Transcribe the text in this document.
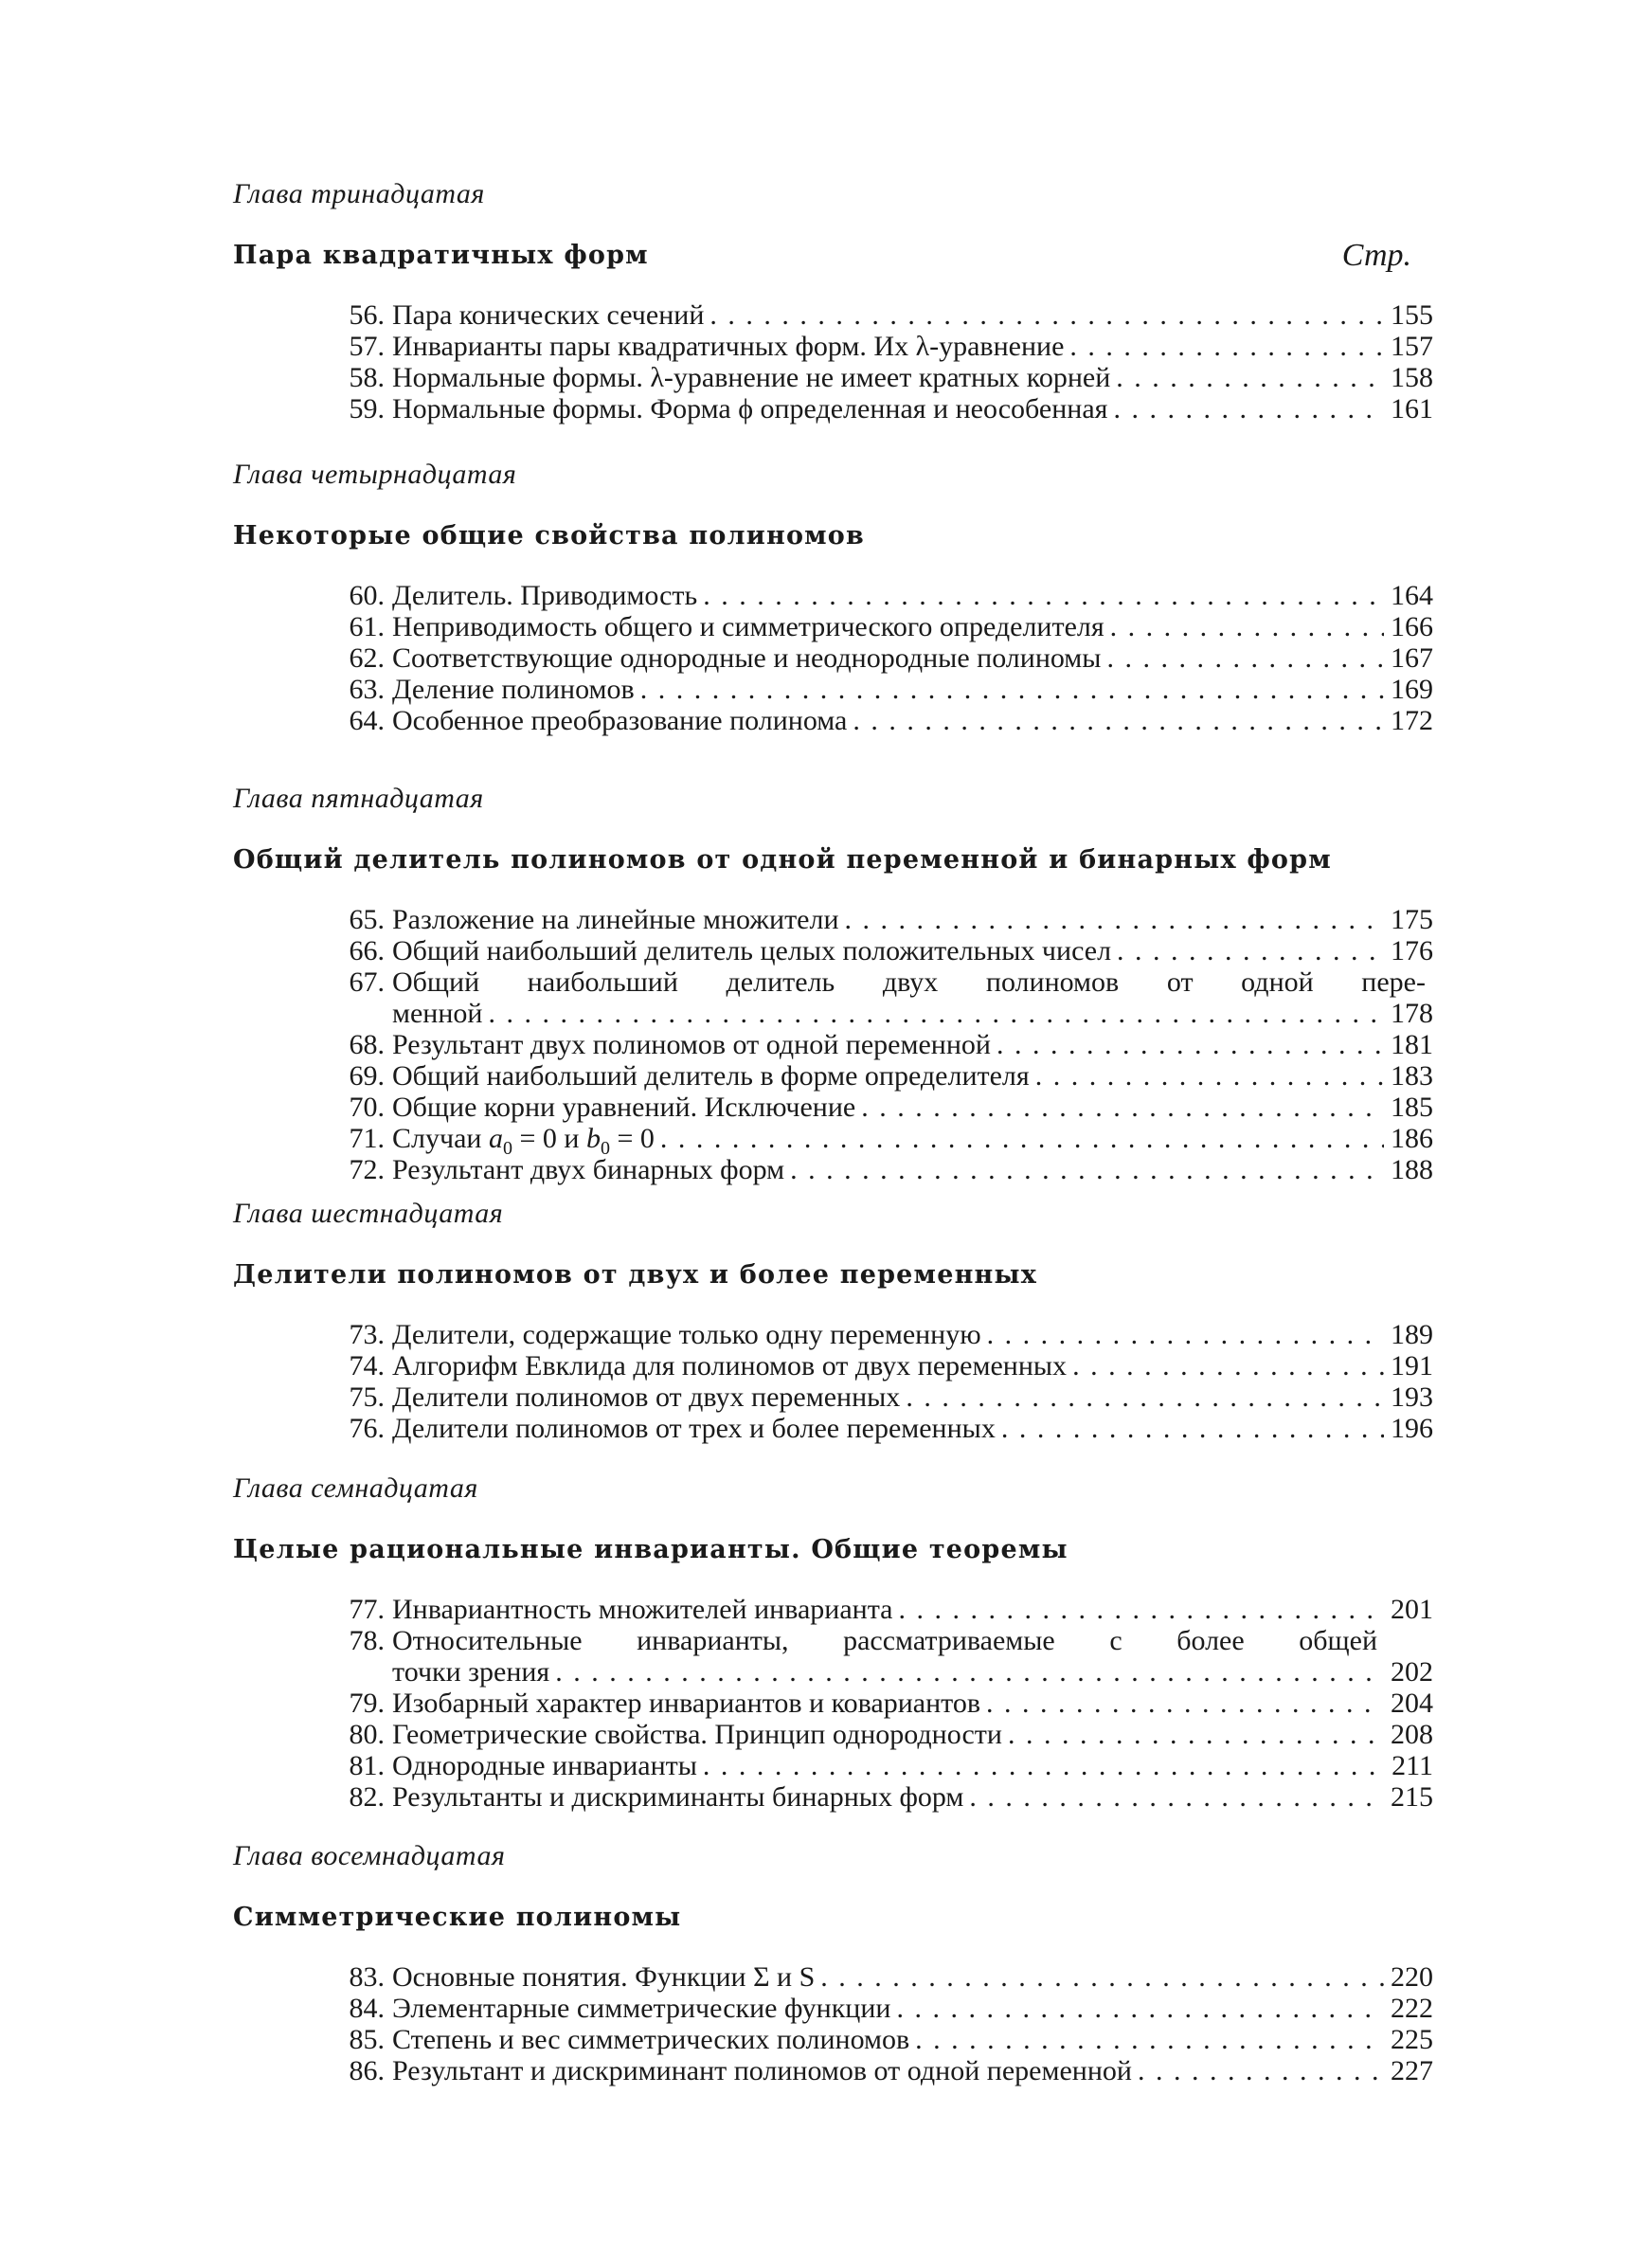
Глава тринадцатая
Пара квадратичных форм	Стр.
56. Пара конических сечений . . .	155
57. Инварианты пары квадратичных форм. Их λ-уравнение . . .	157
58. Нормальные формы. λ-уравнение не имеет кратных корней . . .	158
59. Нормальные формы. Форма ϕ определенная и неособенная . . .	161
Глава четырнадцатая
Некоторые общие свойства полиномов
60. Делитель. Приводимость . . .	164
61. Неприводимость общего и симметрического определителя . . .	166
62. Соответствующие однородные и неоднородные полиномы . . .	167
63. Деление полиномов . . .	169
64. Особенное преобразование полинома . . .	172
Глава пятнадцатая
Общий делитель полиномов от одной переменной и бинарных форм
65. Разложение на линейные множители . . .	175
66. Общий наибольший делитель целых положительных чисел . . .	176
67. Общий наибольший делитель двух полиномов от одной пере-
менной . . .	178
68. Результант двух полиномов от одной переменной . . .	181
69. Общий наибольший делитель в форме определителя . . .	183
70. Общие корни уравнений. Исключение . . .	185
71. Случаи $a_0 = 0$ и $b_0 = 0$ . . .	186
72. Результант двух бинарных форм . . .	188
Глава шестнадцатая
Делители полиномов от двух и более переменных
73. Делители, содержащие только одну переменную . . .	189
74. Алгорифм Евклида для полиномов от двух переменных . . .	191
75. Делители полиномов от двух переменных . . .	193
76. Делители полиномов от трех и более переменных . . .	196
Глава семнадцатая
Целые рациональные инварианты. Общие теоремы
77. Инвариантность множителей инварианта . . .	201
78. Относительные инварианты, рассматриваемые с более общей
точки зрения . . .	202
79. Изобарный характер инвариантов и ковариантов . . .	204
80. Геометрические свойства. Принцип однородности . . .	208
81. Однородные инварианты . . .	211
82. Результанты и дискриминанты бинарных форм . . .	215
Глава восемнадцатая
Симметрические полиномы
83. Основные понятия. Функции Σ и S . . .	220
84. Элементарные симметрические функции . . .	222
85. Степень и вес симметрических полиномов . . .	225
86. Результант и дискриминант полиномов от одной переменной . . .	227
